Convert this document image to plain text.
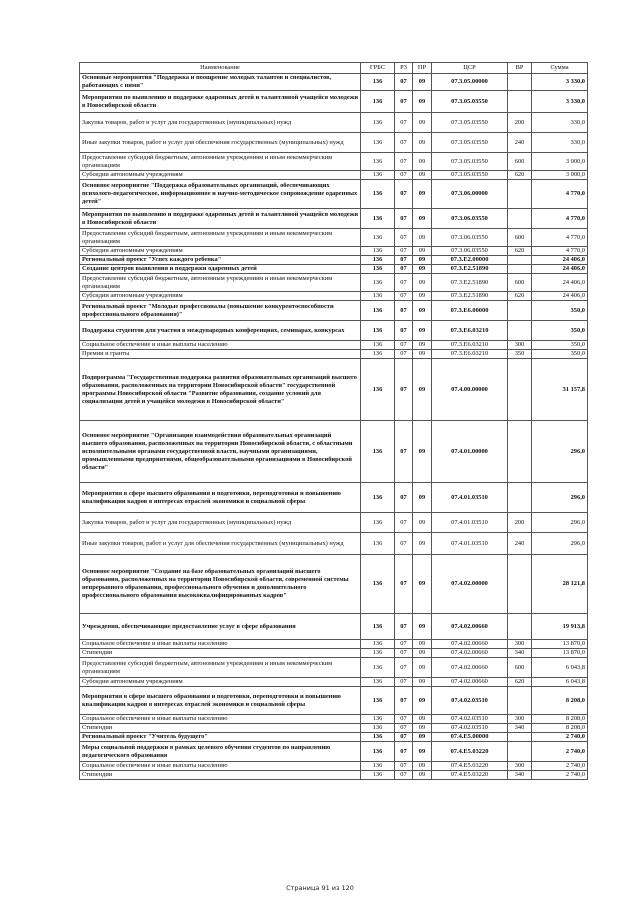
Наименование	ГРБС	РЗ	ПР	ЦСР	ВР	Сумма
Основные мероприятия "Поддержка и поощрение молодых талантов и специалистов, работающих с ними"	136	07	09	07.3.05.00000		3 330,0
Мероприятия по выявлению и поддержке одаренных детей и талантливой учащейся молодежи в Новосибирской области	136	07	09	07.3.05.03550		3 330,0
Закупка товаров, работ и услуг для государственных (муниципальных) нужд	136	07	09	07.3.05.03550	200	330,0
Иные закупки товаров, работ и услуг для обеспечения государственных (муниципальных) нужд	136	07	09	07.3.05.03550	240	330,0
Предоставление субсидий бюджетным, автономным учреждениям и иным некоммерческим организациям	136	07	09	07.3.05.03550	600	3 000,0
Субсидии автономным учреждениям	136	07	09	07.3.05.03550	620	3 000,0
Основное мероприятие "Поддержка образовательных организаций, обеспечивающих психолого-педагогическое, информационное и научно-методическое сопровождение одаренных детей"	136	07	09	07.3.06.00000		4 770,0
Мероприятия по выявлению и поддержке одаренных детей и талантливой учащейся молодежи в Новосибирской области	136	07	09	07.3.06.03550		4 770,0
Предоставление субсидий бюджетным, автономным учреждениям и иным некоммерческим организациям	136	07	09	07.3.06.03550	600	4 770,0
Субсидии автономным учреждениям	136	07	09	07.3.06.03550	620	4 770,0
Региональный проект "Успех каждого ребенка"	136	07	09	07.3.E2.00000		24 406,0
Создание центров выявления и поддержки одаренных детей	136	07	09	07.3.E2.51890		24 406,0
Предоставление субсидий бюджетным, автономным учреждениям и иным некоммерческим организациям	136	07	09	07.3.E2.51890	600	24 406,0
Субсидии автономным учреждениям	136	07	09	07.3.E2.51890	620	24 406,0
Региональный проект "Молодые профессионалы (повышение конкурентоспособности профессионального образования)"	136	07	09	07.3.E6.00000		350,0
Поддержка студентов для участия в международных конференциях, семинарах, конкурсах	136	07	09	07.3.E6.03210		350,0
Социальное обеспечение и иные выплаты населению	136	07	09	07.3.E6.03210	300	350,0
Премии и гранты	136	07	09	07.3.E6.03210	350	350,0
Подпрограмма "Государственная поддержка развития образовательных организаций высшего образования, расположенных на территории Новосибирской области" государственной программы Новосибирской области "Развитие образования, создание условий для социализации детей и учащейся молодежи в Новосибирской области"	136	07	09	07.4.00.00000		31 157,8
Основное мероприятие "Организация взаимодействия образовательных организаций высшего образования, расположенных на территории Новосибирской области, с областными исполнительными органами государственной власти, научными организациями, промышленными предприятиями, общеобразовательными организациями в Новосибирской области"	136	07	09	07.4.01.00000		296,0
Мероприятия в сфере высшего образования и подготовки, переподготовки и повышению квалификации кадров в интересах отраслей экономики и социальной сферы	136	07	09	07.4.01.03510		296,0
Закупка товаров, работ и услуг для государственных (муниципальных) нужд	136	07	09	07.4.01.03510	200	296,0
Иные закупки товаров, работ и услуг для обеспечения государственных (муниципальных) нужд	136	07	09	07.4.01.03510	240	296,0
Основное мероприятие "Создание на базе образовательных организаций высшего образования, расположенных на территории Новосибирской области, современной системы непрерывного образования, профессионального обучения и дополнительного профессионального образования высококвалифицированных кадров"	136	07	09	07.4.02.00000		28 121,8
Учреждения, обеспечивающие предоставление услуг в сфере образования	136	07	09	07.4.02.00660		19 913,8
Социальное обеспечение и иные выплаты населению	136	07	09	07.4.02.00660	300	13 870,0
Стипендии	136	07	09	07.4.02.00660	340	13 870,0
Предоставление субсидий бюджетным, автономным учреждениям и иным некоммерческим организациям	136	07	09	07.4.02.00660	600	6 043,8
Субсидии автономным учреждениям	136	07	09	07.4.02.00660	620	6 043,8
Мероприятия в сфере высшего образования и подготовки, переподготовки и повышению квалификации кадров в интересах отраслей экономики и социальной сферы	136	07	09	07.4.02.03510		8 208,0
Социальное обеспечение и иные выплаты населению	136	07	09	07.4.02.03510	300	8 208,0
Стипендии	136	07	09	07.4.02.03510	340	8 208,0
Региональный проект "Учитель будущего"	136	07	09	07.4.E5.00000		2 740,0
Меры социальной поддержки в рамках целевого обучения студентов по направлению педагогического образования	136	07	09	07.4.E5.03220		2 740,0
Социальное обеспечение и иные выплаты населению	136	07	09	07.4.E5.03220	300	2 740,0
Стипендии	136	07	09	07.4.E5.03220	340	2 740,0
Страница 91 из 120
